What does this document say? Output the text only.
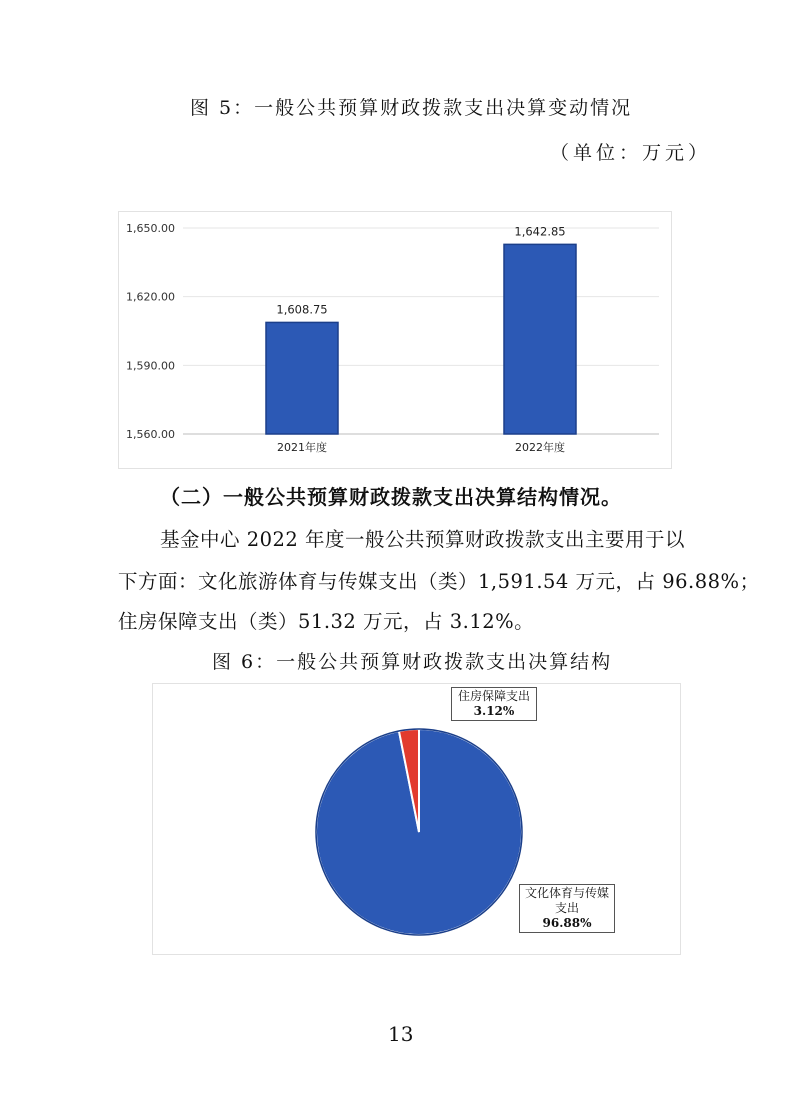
图 5：一般公共预算财政拨款支出决算变动情况
（单位：万元）
1,560.00
1,590.00
1,620.00
1,650.00
1,608.75
2021年度
1,642.85
2022年度
（二）一般公共预算财政拨款支出决算结构情况。
基金中心 2022 年度一般公共预算财政拨款支出主要用于以
下方面：文化旅游体育与传媒支出（类）1,591.54 万元，占 96.88%；
住房保障支出（类）51.32 万元，占 3.12%。
图 6：一般公共预算财政拨款支出决算结构
住房保障支出
3.12%
文化体育与传媒
支出
96.88%
13
